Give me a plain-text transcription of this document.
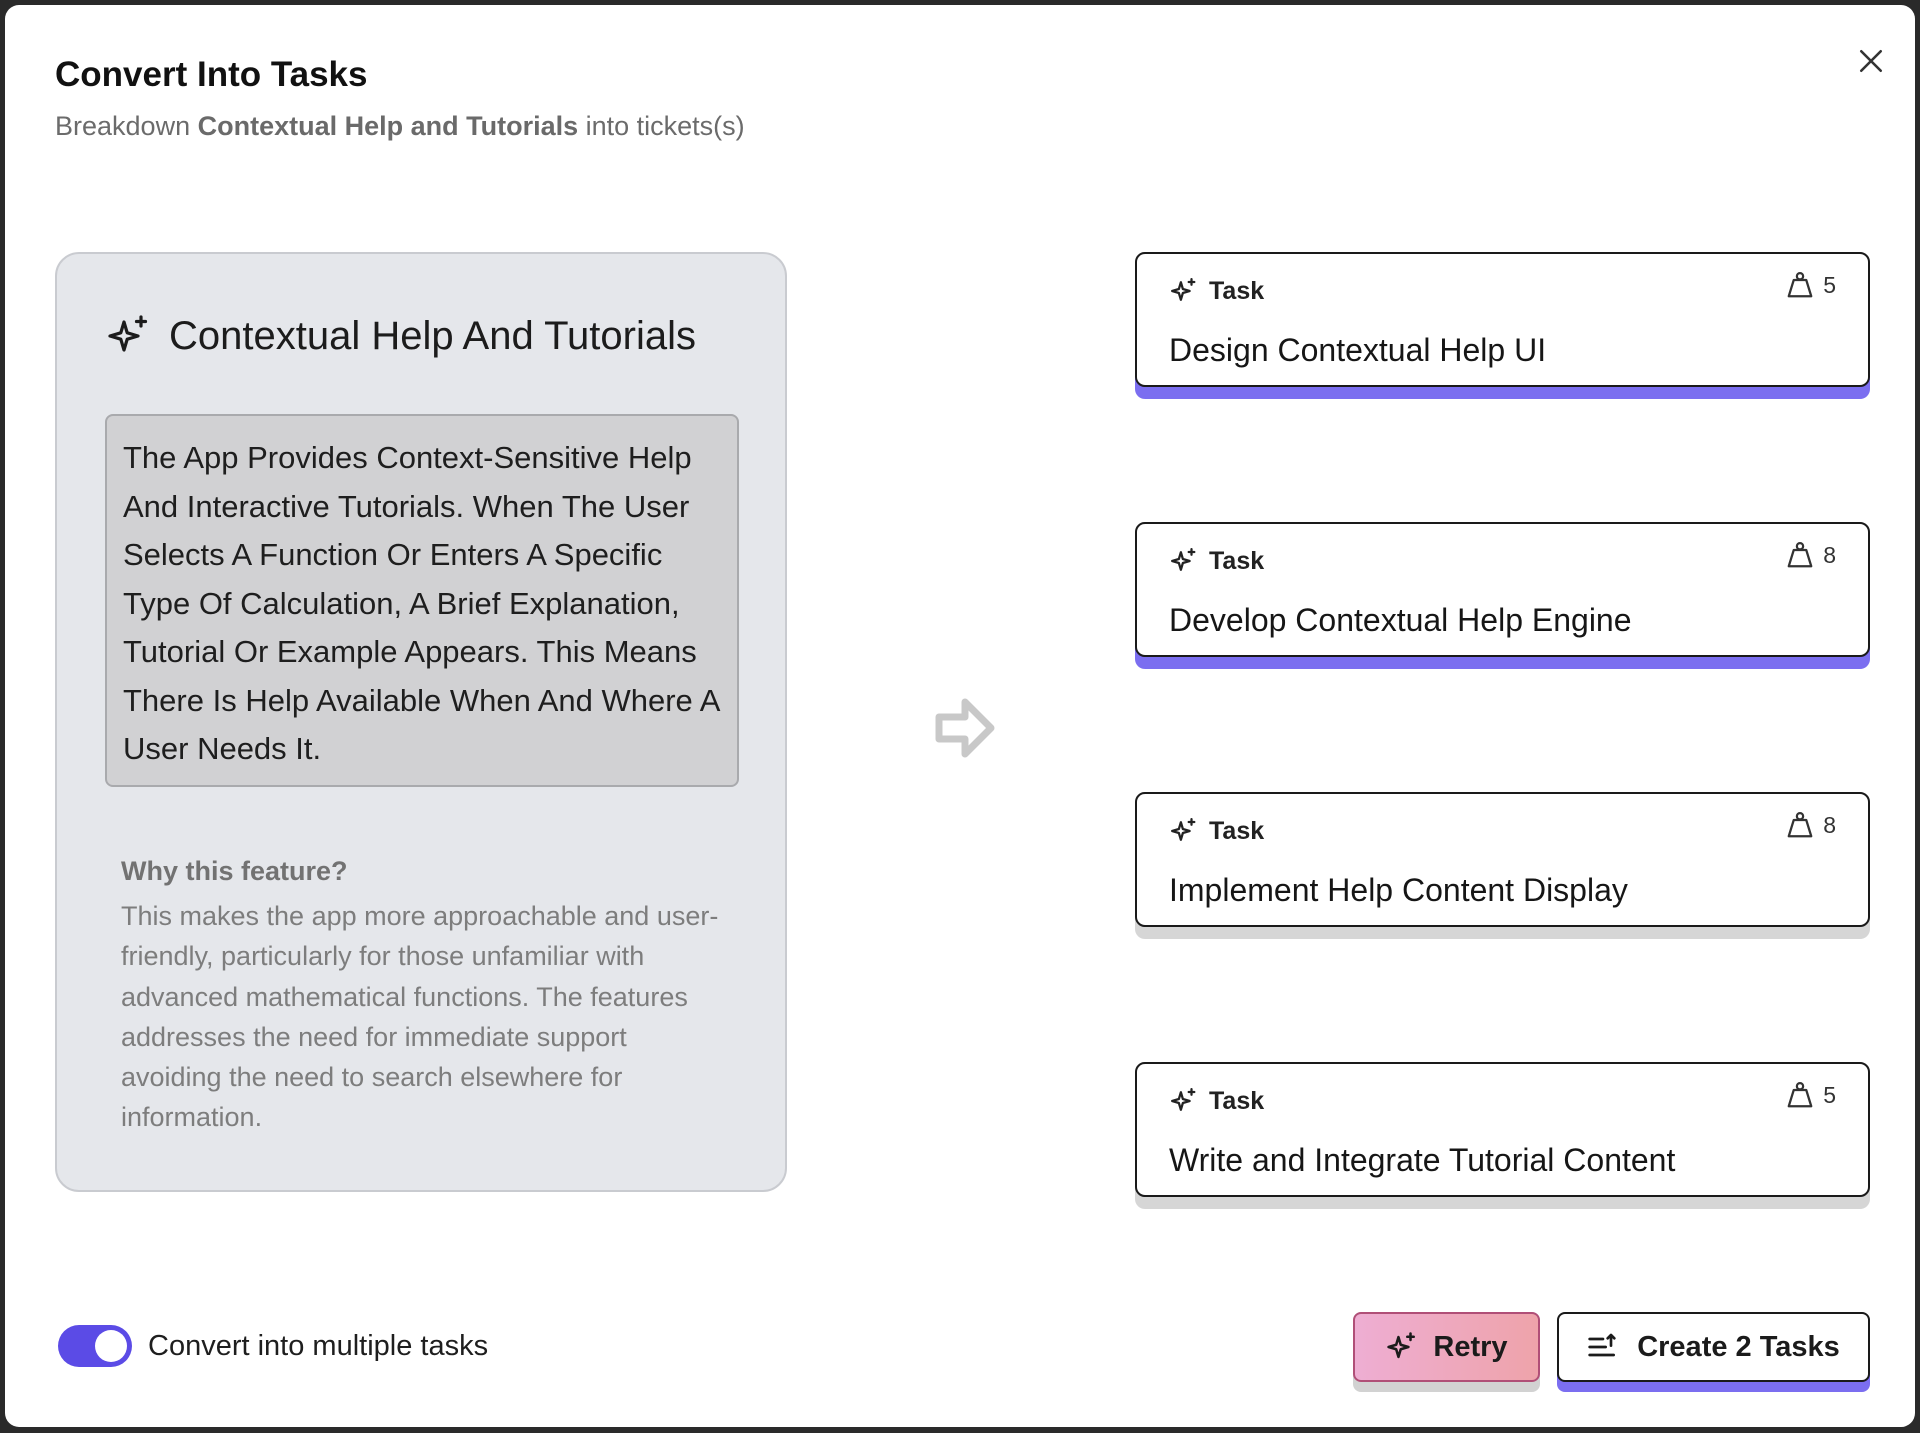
Convert Into Tasks
Breakdown Contextual Help and Tutorials into tickets(s)
Contextual Help And Tutorials
The App Provides Context-Sensitive Help And Interactive Tutorials. When The User Selects A Function Or Enters A Specific Type Of Calculation, A Brief Explanation, Tutorial Or Example Appears. This Means There Is Help Available When And Where A User Needs It.
Why this feature?
This makes the app more approachable and user-friendly, particularly for those unfamiliar with advanced mathematical functions. The features addresses the need for immediate support avoiding the need to search elsewhere for information.
Task	5
Design Contextual Help UI
Task	8
Develop Contextual Help Engine
Task	8
Implement Help Content Display
Task	5
Write and Integrate Tutorial Content
Convert into multiple tasks	Retry	Create 2 Tasks
